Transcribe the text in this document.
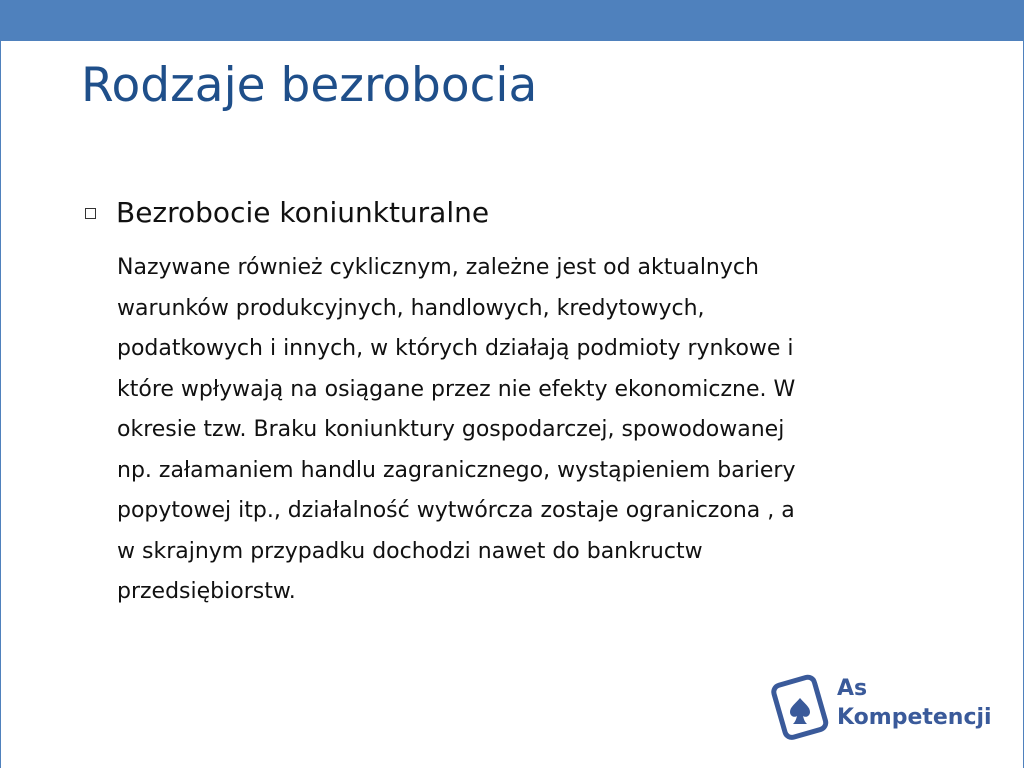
Rodzaje bezrobocia
Bezrobocie koniunkturalne
Nazywane również cyklicznym, zależne jest od aktualnych
warunków produkcyjnych, handlowych, kredytowych,
podatkowych i innych, w których działają podmioty rynkowe i
które wpływają na osiągane przez nie efekty ekonomiczne. W
okresie tzw. Braku koniunktury gospodarczej, spowodowanej
np. załamaniem handlu zagranicznego, wystąpieniem bariery
popytowej itp., działalność wytwórcza zostaje ograniczona , a
w skrajnym przypadku dochodzi nawet do bankructw
przedsiębiorstw.
As
Kompetencji
